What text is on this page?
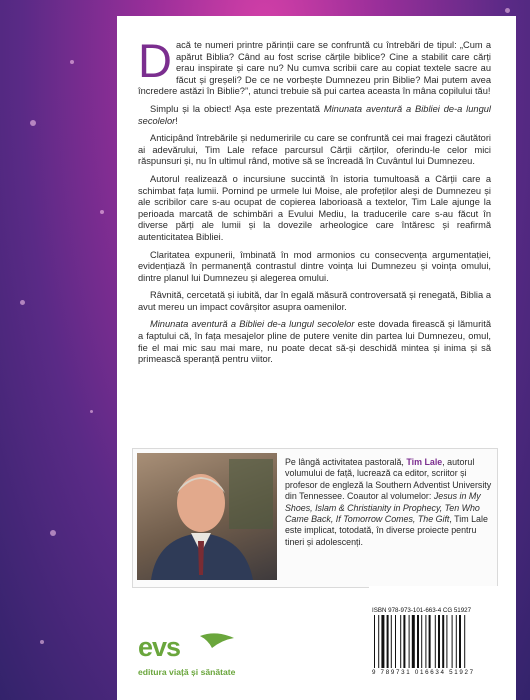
Dacă te numeri printre părinții care se confruntă cu întrebări de tipul: „Cum a apărut Biblia? Când au fost scrise cărțile biblice? Cine a stabilit care cărți erau inspirate și care nu? Nu cumva scribii care au copiat textele sacre au făcut și greșeli? De ce ne vorbește Dumnezeu prin Biblie? Mai putem avea încredere astăzi în Biblie?”, atunci trebuie să pui cartea aceasta în mâna copilului tău!

Simplu și la obiect! Așa este prezentată Minunata aventură a Bibliei de-a lungul secolelor!

Anticipând întrebările și nedumeririle cu care se confruntă cei mai fragezi căutători ai adevărului, Tim Lale reface parcursul Cărții cărților, oferindu-le celor mici răspunsuri și, nu în ultimul rând, motive să se încreadă în Cuvântul lui Dumnezeu.

Autorul realizează o incursiune succintă în istoria tumultoasă a Cărții care a schimbat fața lumii. Pornind pe urmele lui Moise, ale profeților aleși de Dumnezeu și ale scribilor care s-au ocupat de copierea laborioasă a textelor, Tim Lale ajunge la perioada marcată de schimbări a Evului Mediu, la traducerile care s-au făcut în diverse părți ale lumii și la dovezile arheologice care întăresc și reafirmă autenticitatea Bibliei.

Claritatea expunerii, îmbinată în mod armonios cu consecvența argumentației, evidențiază în permanență contrastul dintre voința lui Dumnezeu și voința omului, dintre planul lui Dumnezeu și alegerea omului.

Râvnită, cercetată și iubită, dar în egală măsură controversată și renegată, Biblia a avut mereu un impact covârșitor asupra oamenilor.

Minunata aventură a Bibliei de-a lungul secolelor este dovada firească și lămurită a faptului că, în fața mesajelor pline de putere venite din partea lui Dumnezeu, omul, fie el mai mic sau mai mare, nu poate decat să-și deschidă mintea și inima și să primească speranță pentru viitor.

Pe lângă activitatea pastorală, Tim Lale, autorul volumului de față, lucrează ca editor, scriitor și profesor de engleză la Southern Adventist University din Tennessee. Coautor al volumelor: Jesus in My Shoes, Islam & Christianity in Prophecy, Ten Who Came Back, If Tomorrow Comes, The Gift, Tim Lale este implicat, totodată, în diverse proiecte pentru tineri și adolescenți.
ISBN 978-973-101-663-4 CG 51927
9 789731 016634 51927
evs
editura viață și sănătate
